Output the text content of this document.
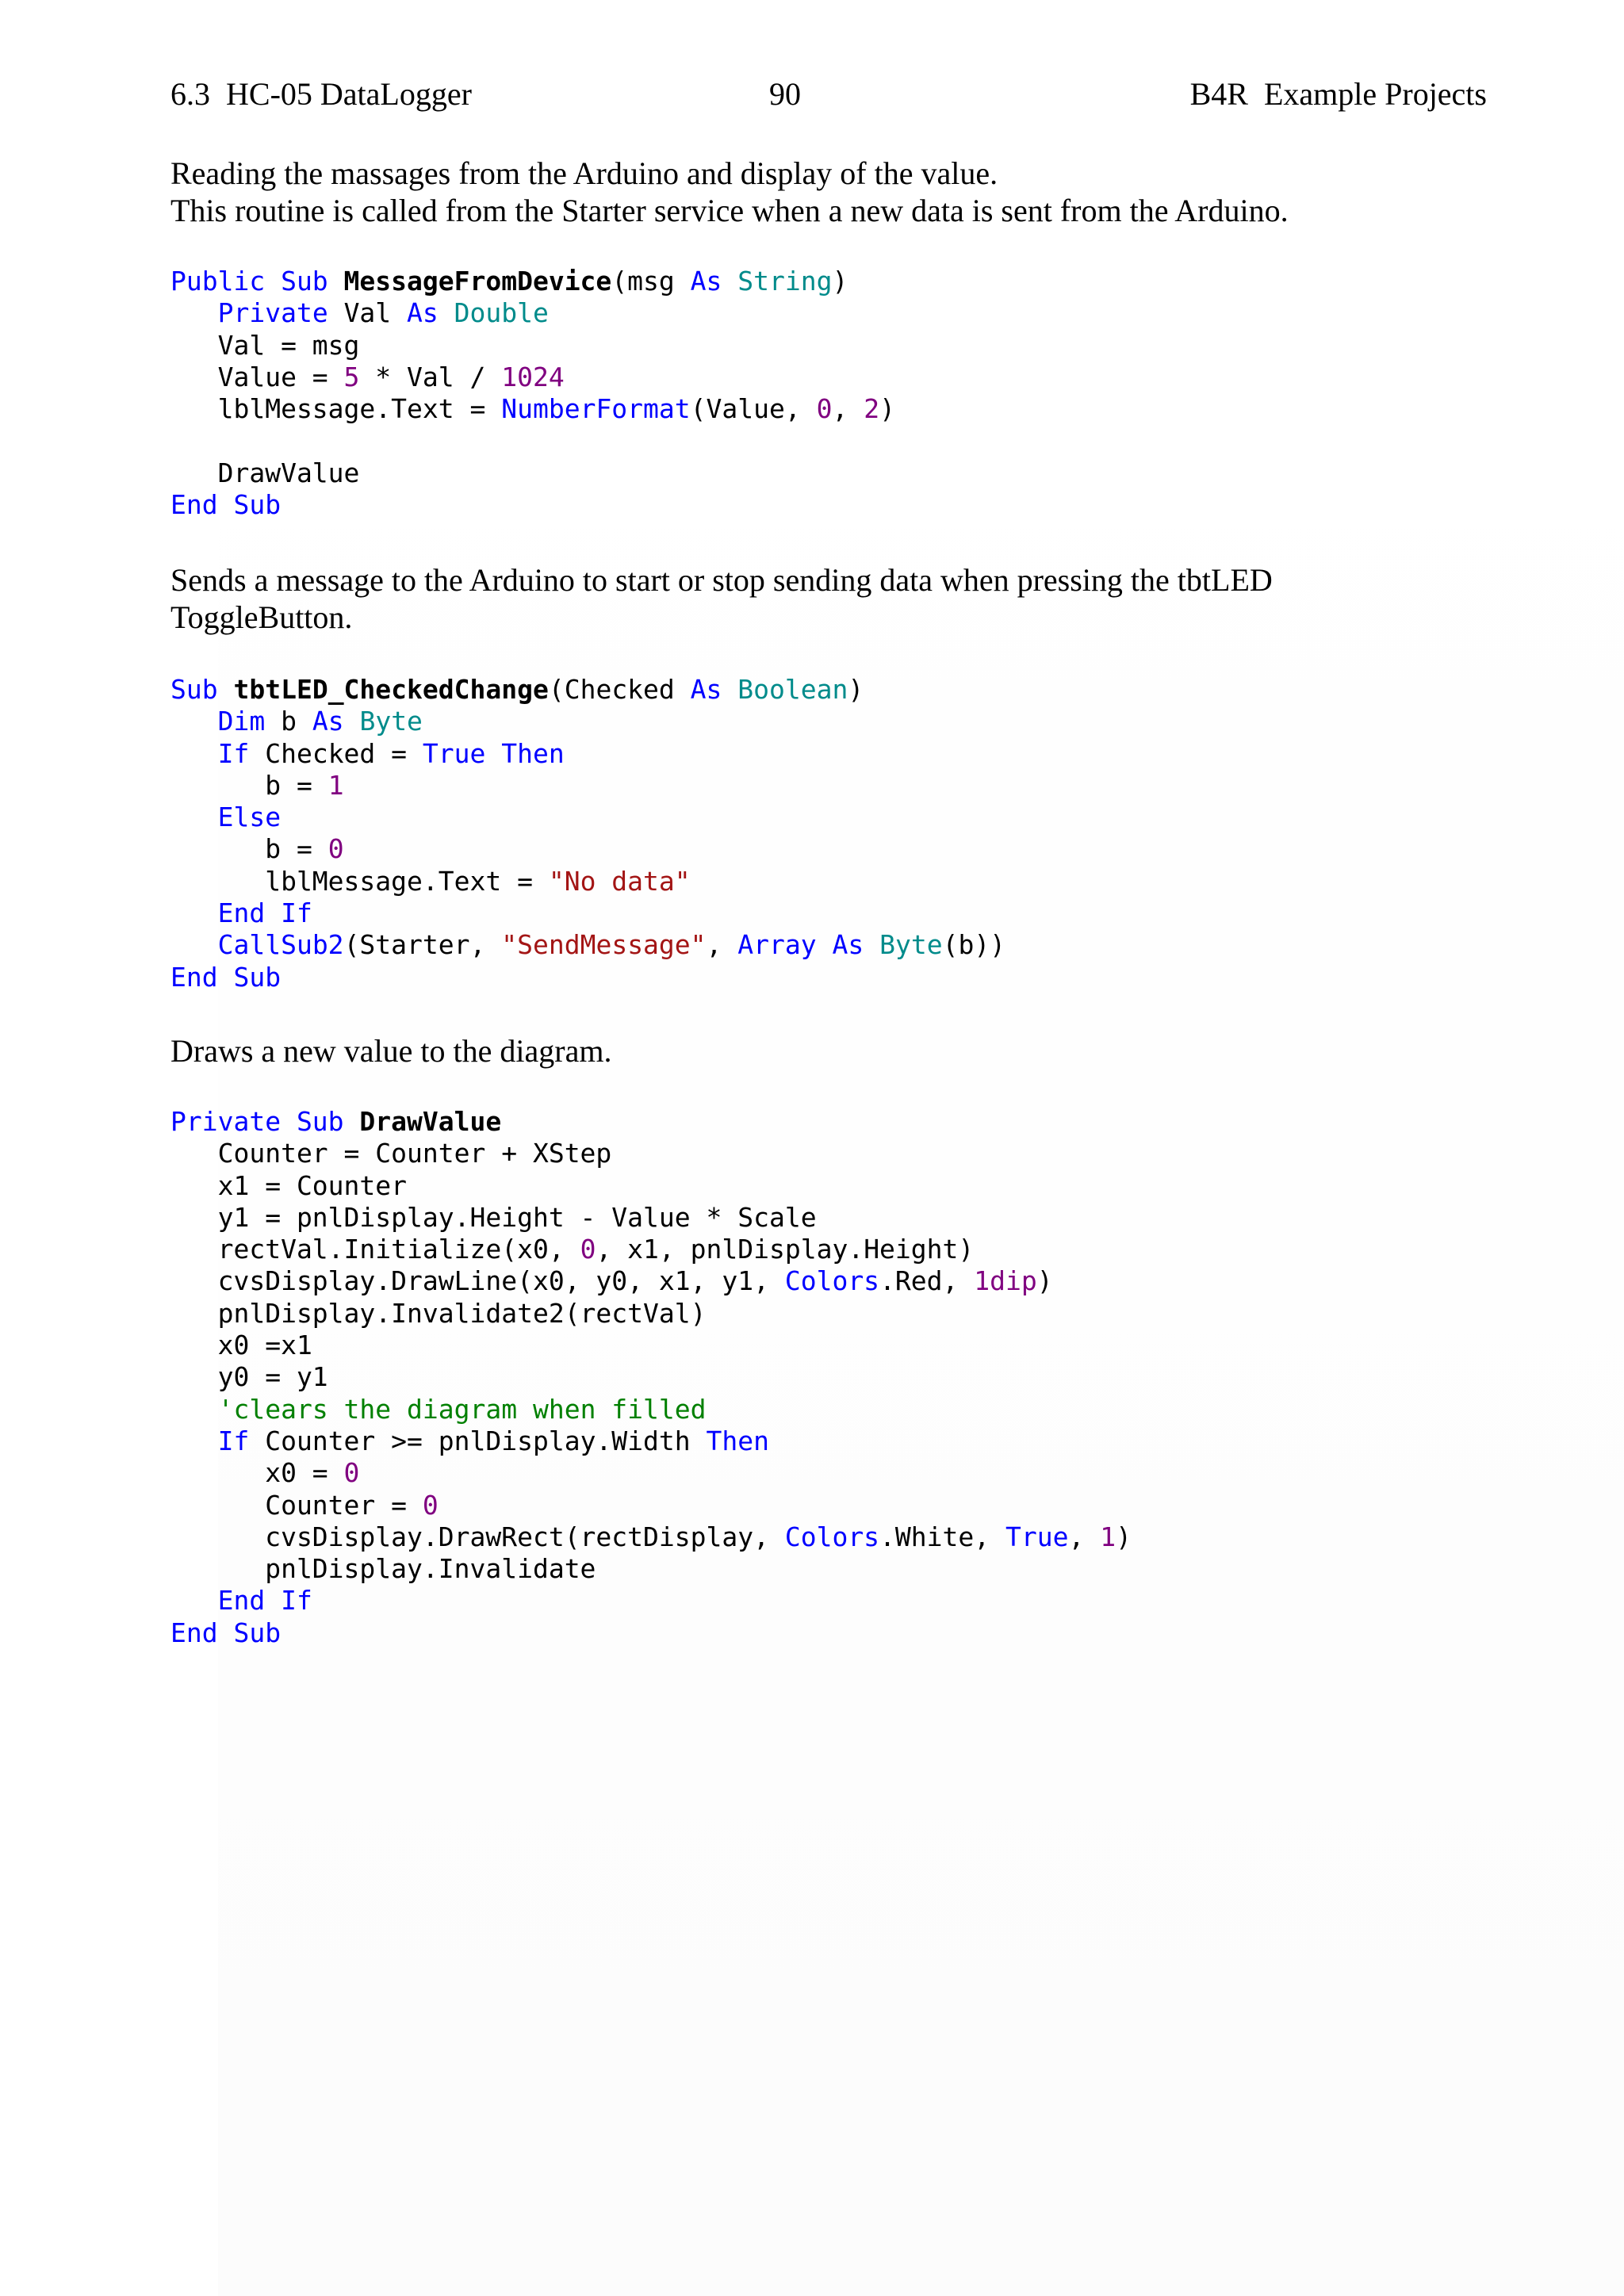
6.3  HC-05 DataLogger	90	B4R  Example Projects

Reading the massages from the Arduino and display of the value.

This routine is called from the Starter service when a new data is sent from the Arduino.

Public Sub MessageFromDevice(msg As String)
Private Val As Double
Val = msg
Value = 5 * Val / 1024
lblMessage.Text = NumberFormat(Value, 0, 2)
DrawValue
End Sub

Sends a message to the Arduino to start or stop sending data when pressing the tbtLED

ToggleButton.

Sub tbtLED_CheckedChange(Checked As Boolean)
Dim b As Byte
If Checked = True Then
b = 1
Else
b = 0
lblMessage.Text = "No data"
End If
CallSub2(Starter, "SendMessage", Array As Byte(b))
End Sub

Draws a new value to the diagram.

Private Sub DrawValue
Counter = Counter + XStep
x1 = Counter
y1 = pnlDisplay.Height - Value * Scale
rectVal.Initialize(x0, 0, x1, pnlDisplay.Height)
cvsDisplay.DrawLine(x0, y0, x1, y1, Colors.Red, 1dip)
pnlDisplay.Invalidate2(rectVal)
x0 =x1
y0 = y1
'clears the diagram when filled
If Counter >= pnlDisplay.Width Then
x0 = 0
Counter = 0
cvsDisplay.DrawRect(rectDisplay, Colors.White, True, 1)
pnlDisplay.Invalidate
End If
End Sub
